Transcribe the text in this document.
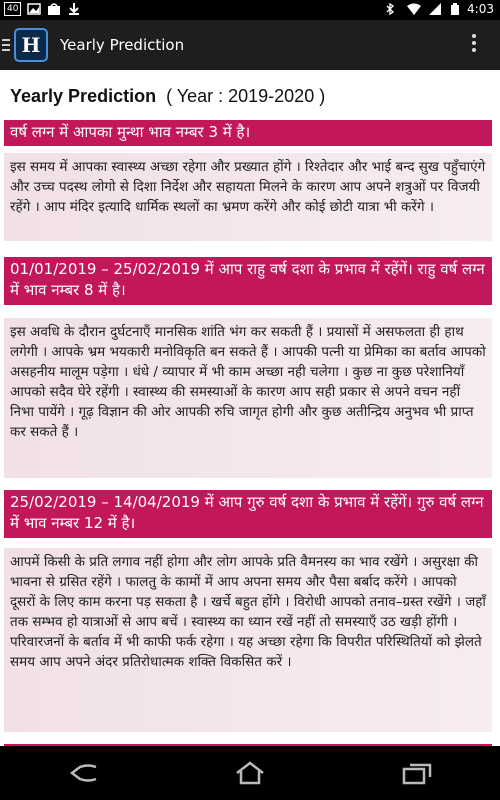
40	4:03
H	Yearly Prediction
Yearly Prediction ( Year : 2019-2020 )
वर्ष लग्न में आपका मुन्था भाव नम्बर 3 में है।
इस समय में आपका स्वास्थ्य अच्छा रहेगा और प्रख्यात होंगे । रिश्तेदार और भाई बन्द सुख पहुँचाएंगे और उच्च पदस्थ लोगो से दिशा निर्देश और सहायता मिलने के कारण आप अपने शत्रुओं पर विजयी रहेंगे । आप मंदिर इत्यादि धार्मिक स्थलों का भ्रमण करेंगे और कोई छोटी यात्रा भी करेंगे ।
01/01/2019 – 25/02/2019 में आप राहु वर्ष दशा के प्रभाव में रहेंगें। राहु वर्ष लग्न में भाव नम्बर 8 में है।
इस अवधि के दौरान दुर्घटनाएँ मानसिक शांति भंग कर सकती हैं । प्रयासों में असफलता ही हाथ लगेगी । आपके भ्रम भयकारी मनोविकृति बन सकते हैं । आपकी पत्नी या प्रेमिका का बर्ताव आपको असहनीय मालूम पड़ेगा । धंधे / व्यापार में भी काम अच्छा नही चलेगा । कुछ ना कुछ परेशानियाँ आपको सदैव घेरे रहेंगी । स्वास्थ्य की समस्याओं के कारण आप सही प्रकार से अपने वचन नहीं निभा पायेंगे । गूढ़ विज्ञान की ओर आपकी रुचि जागृत होगी और कुछ अतीन्द्रिय अनुभव भी प्राप्त कर सकते हैं ।
25/02/2019 – 14/04/2019 में आप गुरु वर्ष दशा के प्रभाव में रहेंगें। गुरु वर्ष लग्न में भाव नम्बर 12 में है।
आपमें किसी के प्रति लगाव नहीं होगा और लोग आपके प्रति वैमनस्य का भाव रखेंगे । असुरक्षा की भावना से ग्रसित रहेंगे । फालतु के कामों में आप अपना समय और पैसा बर्बाद करेंगे । आपको दूसरों के लिए काम करना पड़ सकता है । खर्चे बहुत होंगे । विरोधी आपको तनाव–ग्रस्त रखेंगे । जहाँ तक सम्भव हो यात्राओं से आप बचें । स्वास्थ्य का ध्यान रखें नहीं तो समस्याएँ उठ खड़ी होंगी । परिवारजनों के बर्ताव में भी काफी फर्क रहेगा । यह अच्छा रहेगा कि विपरीत परिस्थितियों को झेलते समय आप अपने अंदर प्रतिरोधात्मक शक्ति विकसित करें ।
